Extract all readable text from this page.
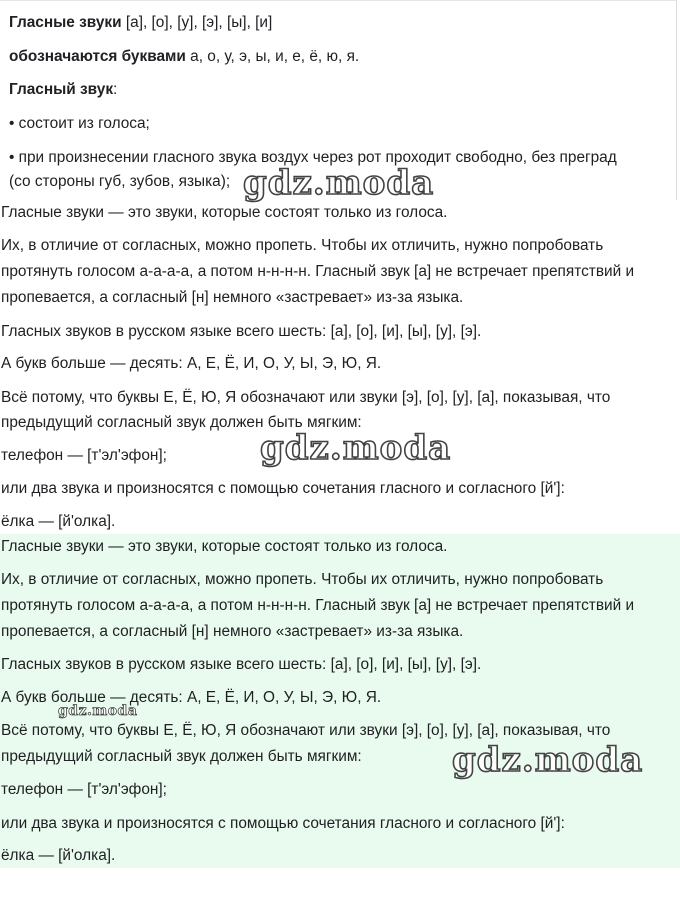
Гласные звуки [а], [о], [у], [э], [ы], [и]
обозначаются буквами а, о, у, э, ы, и, е, ё, ю, я.
Гласный звук:
• состоит из голоса;
• при произнесении гласного звука воздух через рот проходит свободно, без преград
(со стороны губ, зубов, языка);
Гласные звуки — это звуки, которые состоят только из голоса.
Их, в отличие от согласных, можно пропеть. Чтобы их отличить, нужно попробовать
протянуть голосом а-а-а-а, а потом н-н-н-н. Гласный звук [а] не встречает препятствий и
пропевается, а согласный [н] немного «застревает» из-за языка.
Гласных звуков в русском языке всего шесть: [а], [о], [и], [ы], [у], [э].
А букв больше — десять: А, Е, Ё, И, О, У, Ы, Э, Ю, Я.
Всё потому, что буквы Е, Ё, Ю, Я обозначают или звуки [э], [о], [у], [а], показывая, что
предыдущий согласный звук должен быть мягким:
телефон — [т'эл'эфон];
или два звука и произносятся с помощью сочетания гласного и согласного [й']:
ёлка — [й'олка].
Гласные звуки — это звуки, которые состоят только из голоса.
Их, в отличие от согласных, можно пропеть. Чтобы их отличить, нужно попробовать
протянуть голосом а-а-а-а, а потом н-н-н-н. Гласный звук [а] не встречает препятствий и
пропевается, а согласный [н] немного «застревает» из-за языка.
Гласных звуков в русском языке всего шесть: [а], [о], [и], [ы], [у], [э].
А букв больше — десять: А, Е, Ё, И, О, У, Ы, Э, Ю, Я.
Всё потому, что буквы Е, Ё, Ю, Я обозначают или звуки [э], [о], [у], [а], показывая, что
предыдущий согласный звук должен быть мягким:
телефон — [т'эл'эфон];
или два звука и произносятся с помощью сочетания гласного и согласного [й']:
ёлка — [й'олка].
gdz.moda
gdz.moda
gdz.moda
gdz.moda
